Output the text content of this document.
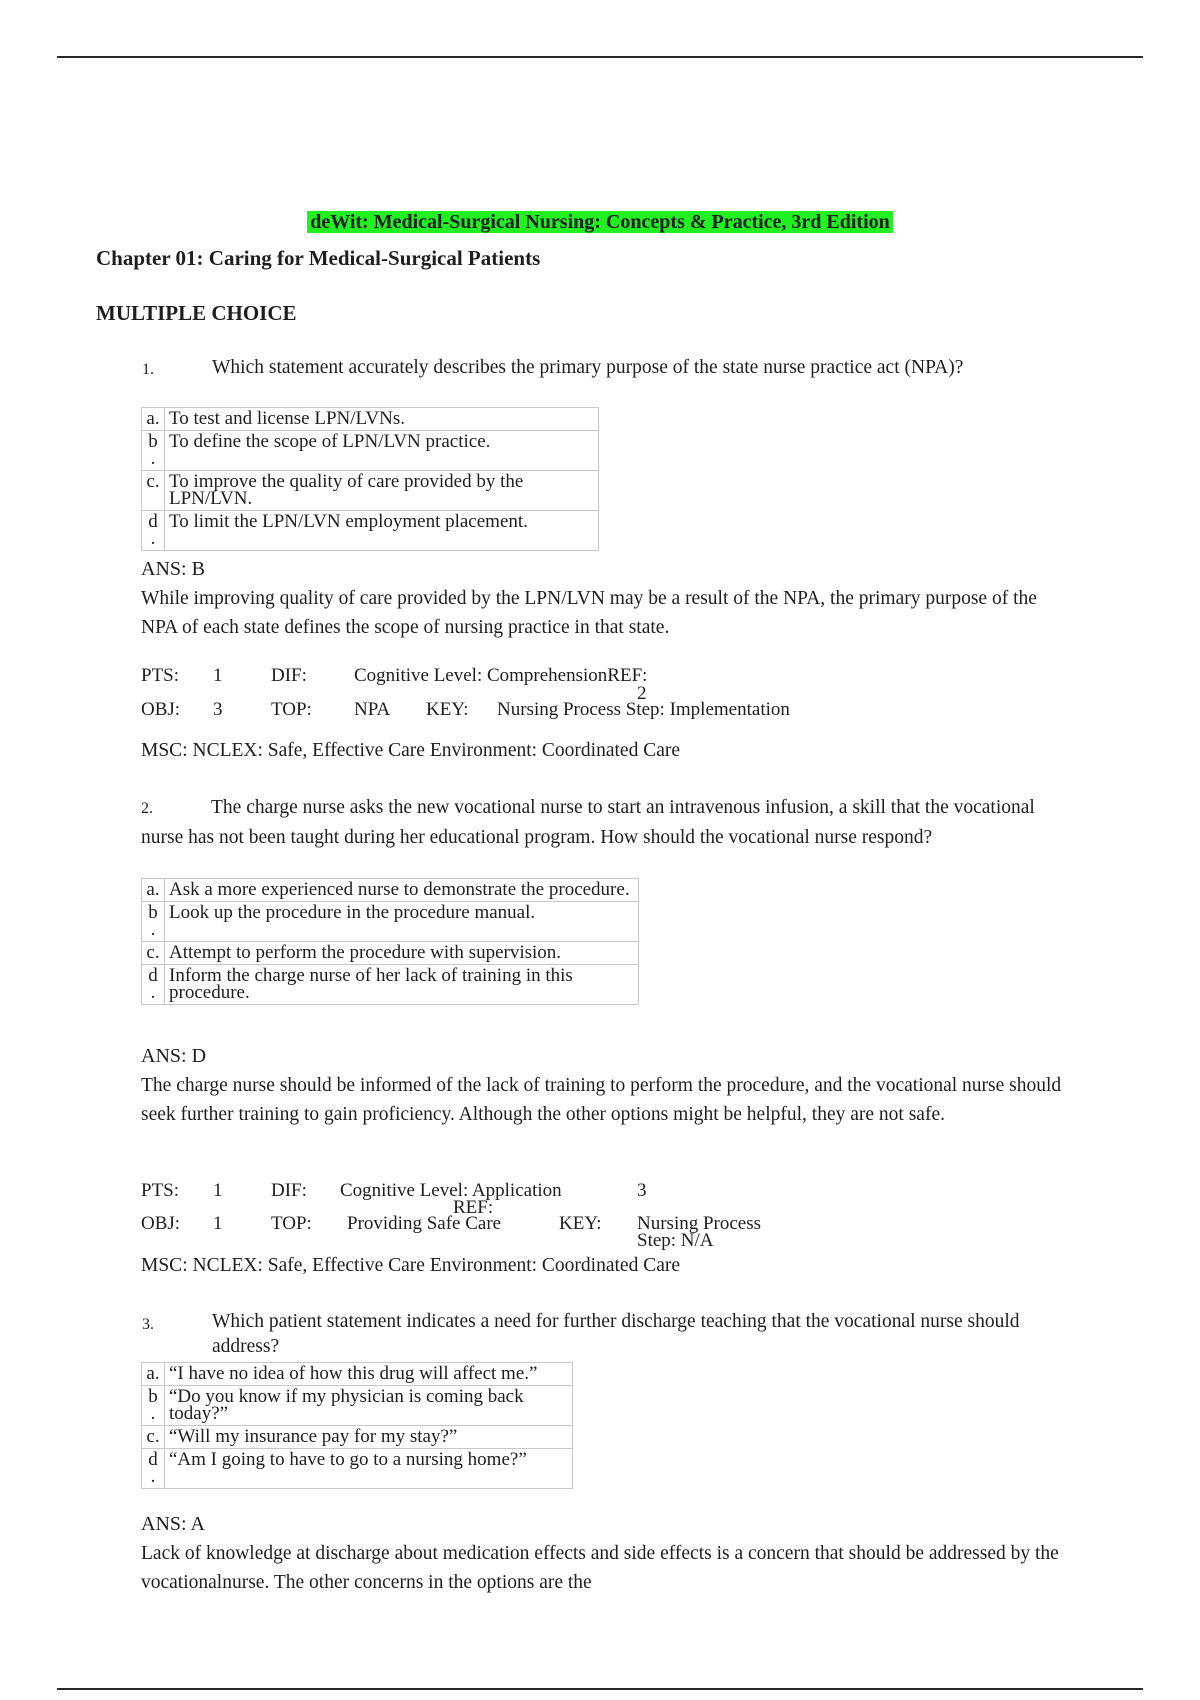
deWit: Medical-Surgical Nursing: Concepts & Practice, 3rd Edition
Chapter 01: Caring for Medical-Surgical Patients
MULTIPLE CHOICE
1.	Which statement accurately describes the primary purpose of the state nurse practice act (NPA)?
a.	To test and license LPN/LVNs.
b .	To define the scope of LPN/LVN practice.
c.	To improve the quality of care provided by the LPN/LVN.
d .	To limit the LPN/LVN employment placement.
ANS: B
While improving quality of care provided by the LPN/LVN may be a result of the NPA, the primary purpose of the NPA of each state defines the scope of nursing practice in that state.
PTS: 1	DIF: Cognitive Level: ComprehensionREF:
2
OBJ: 3	TOP: NPA KEY: Nursing Process Step: Implementation
MSC: NCLEX: Safe, Effective Care Environment: Coordinated Care
2.	The charge nurse asks the new vocational nurse to start an intravenous infusion, a skill that the vocational nurse has not been taught during her educational program. How should the vocational nurse respond?
a.	Ask a more experienced nurse to demonstrate the procedure.
b .	Look up the procedure in the procedure manual.
c.	Attempt to perform the procedure with supervision.
d .	Inform the charge nurse of her lack of training in this procedure.
ANS: D
The charge nurse should be informed of the lack of training to perform the procedure, and the vocational nurse should seek further training to gain proficiency. Although the other options might be helpful, they are not safe.
PTS: 1	DIF: Cognitive Level: Application
REF:
3
OBJ: 1	TOP: Providing Safe Care	KEY: Nursing Process Step: N/A
MSC: NCLEX: Safe, Effective Care Environment: Coordinated Care
3.	Which patient statement indicates a need for further discharge teaching that the vocational nurse should address?
a.	“I have no idea of how this drug will affect me.”
b .	“Do you know if my physician is coming back today?”
c.	“Will my insurance pay for my stay?”
d .	“Am I going to have to go to a nursing home?”
ANS: A
Lack of knowledge at discharge about medication effects and side effects is a concern that should be addressed by the vocationalnurse. The other concerns in the options are the
